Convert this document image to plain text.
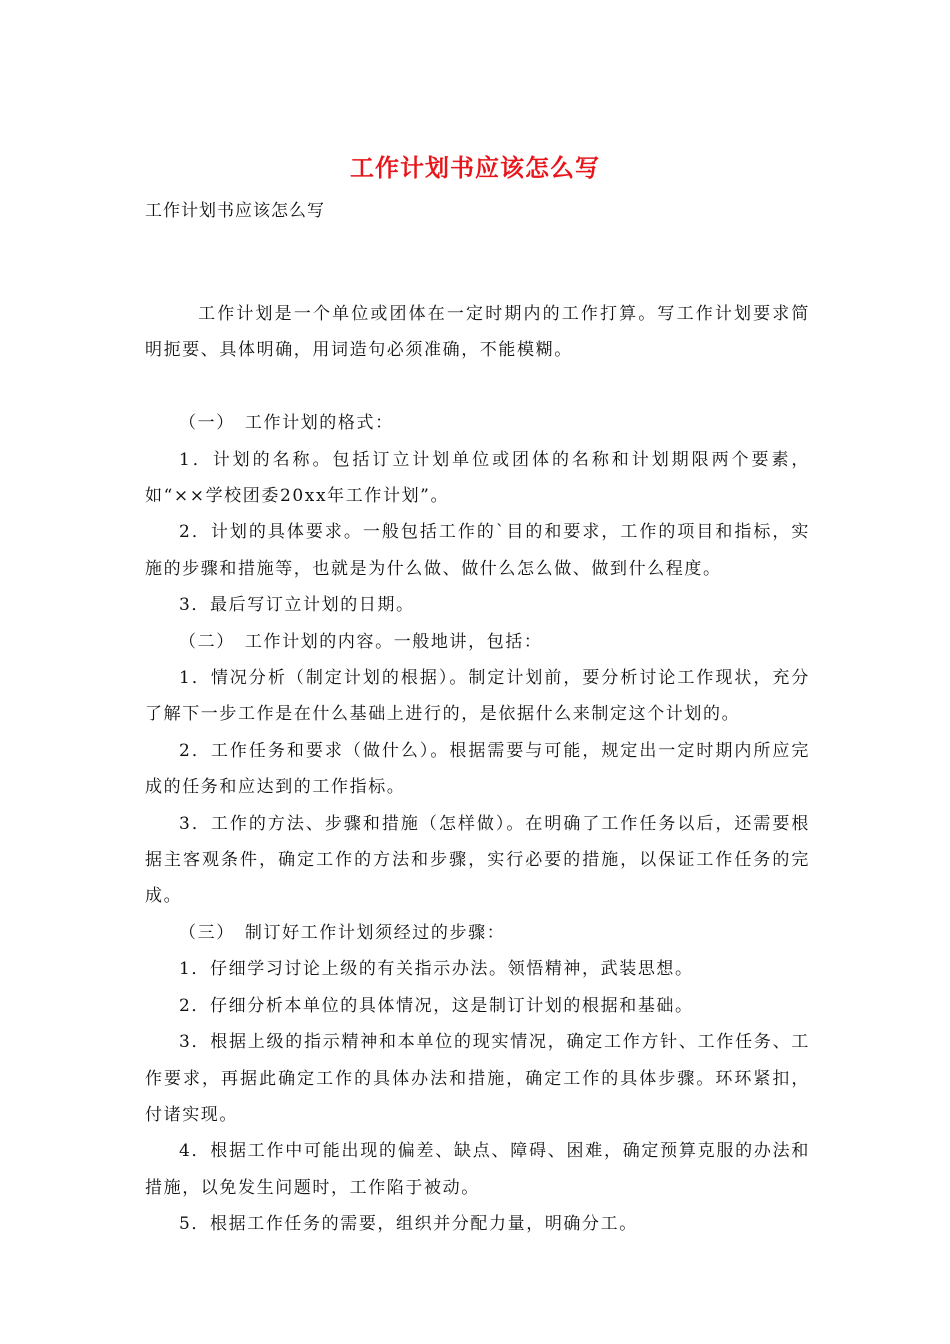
工作计划书应该怎么写
工作计划书应该怎么写

　工作计划是一个单位或团体在一定时期内的工作打算。写工作计划要求简明扼要、具体明确，用词造句必须准确，不能模糊。

（一）　工作计划的格式：

1．计划的名称。包括订立计划单位或团体的名称和计划期限两个要素，如“××学校团委20xx年工作计划”。

2．计划的具体要求。一般包括工作的`目的和要求，工作的项目和指标，实施的步骤和措施等，也就是为什么做、做什么怎么做、做到什么程度。

3．最后写订立计划的日期。

（二）　工作计划的内容。一般地讲，包括：

1．情况分析（制定计划的根据）。制定计划前，要分析讨论工作现状，充分了解下一步工作是在什么基础上进行的，是依据什么来制定这个计划的。

2．工作任务和要求（做什么）。根据需要与可能，规定出一定时期内所应完成的任务和应达到的工作指标。

3．工作的方法、步骤和措施（怎样做）。在明确了工作任务以后，还需要根据主客观条件，确定工作的方法和步骤，实行必要的措施，以保证工作任务的完成。

（三）　制订好工作计划须经过的步骤：

1．仔细学习讨论上级的有关指示办法。领悟精神，武装思想。

2．仔细分析本单位的具体情况，这是制订计划的根据和基础。

3．根据上级的指示精神和本单位的现实情况，确定工作方针、工作任务、工作要求，再据此确定工作的具体办法和措施，确定工作的具体步骤。环环紧扣，付诸实现。

4．根据工作中可能出现的偏差、缺点、障碍、困难，确定预算克服的办法和措施，以免发生问题时，工作陷于被动。

5．根据工作任务的需要，组织并分配力量，明确分工。
